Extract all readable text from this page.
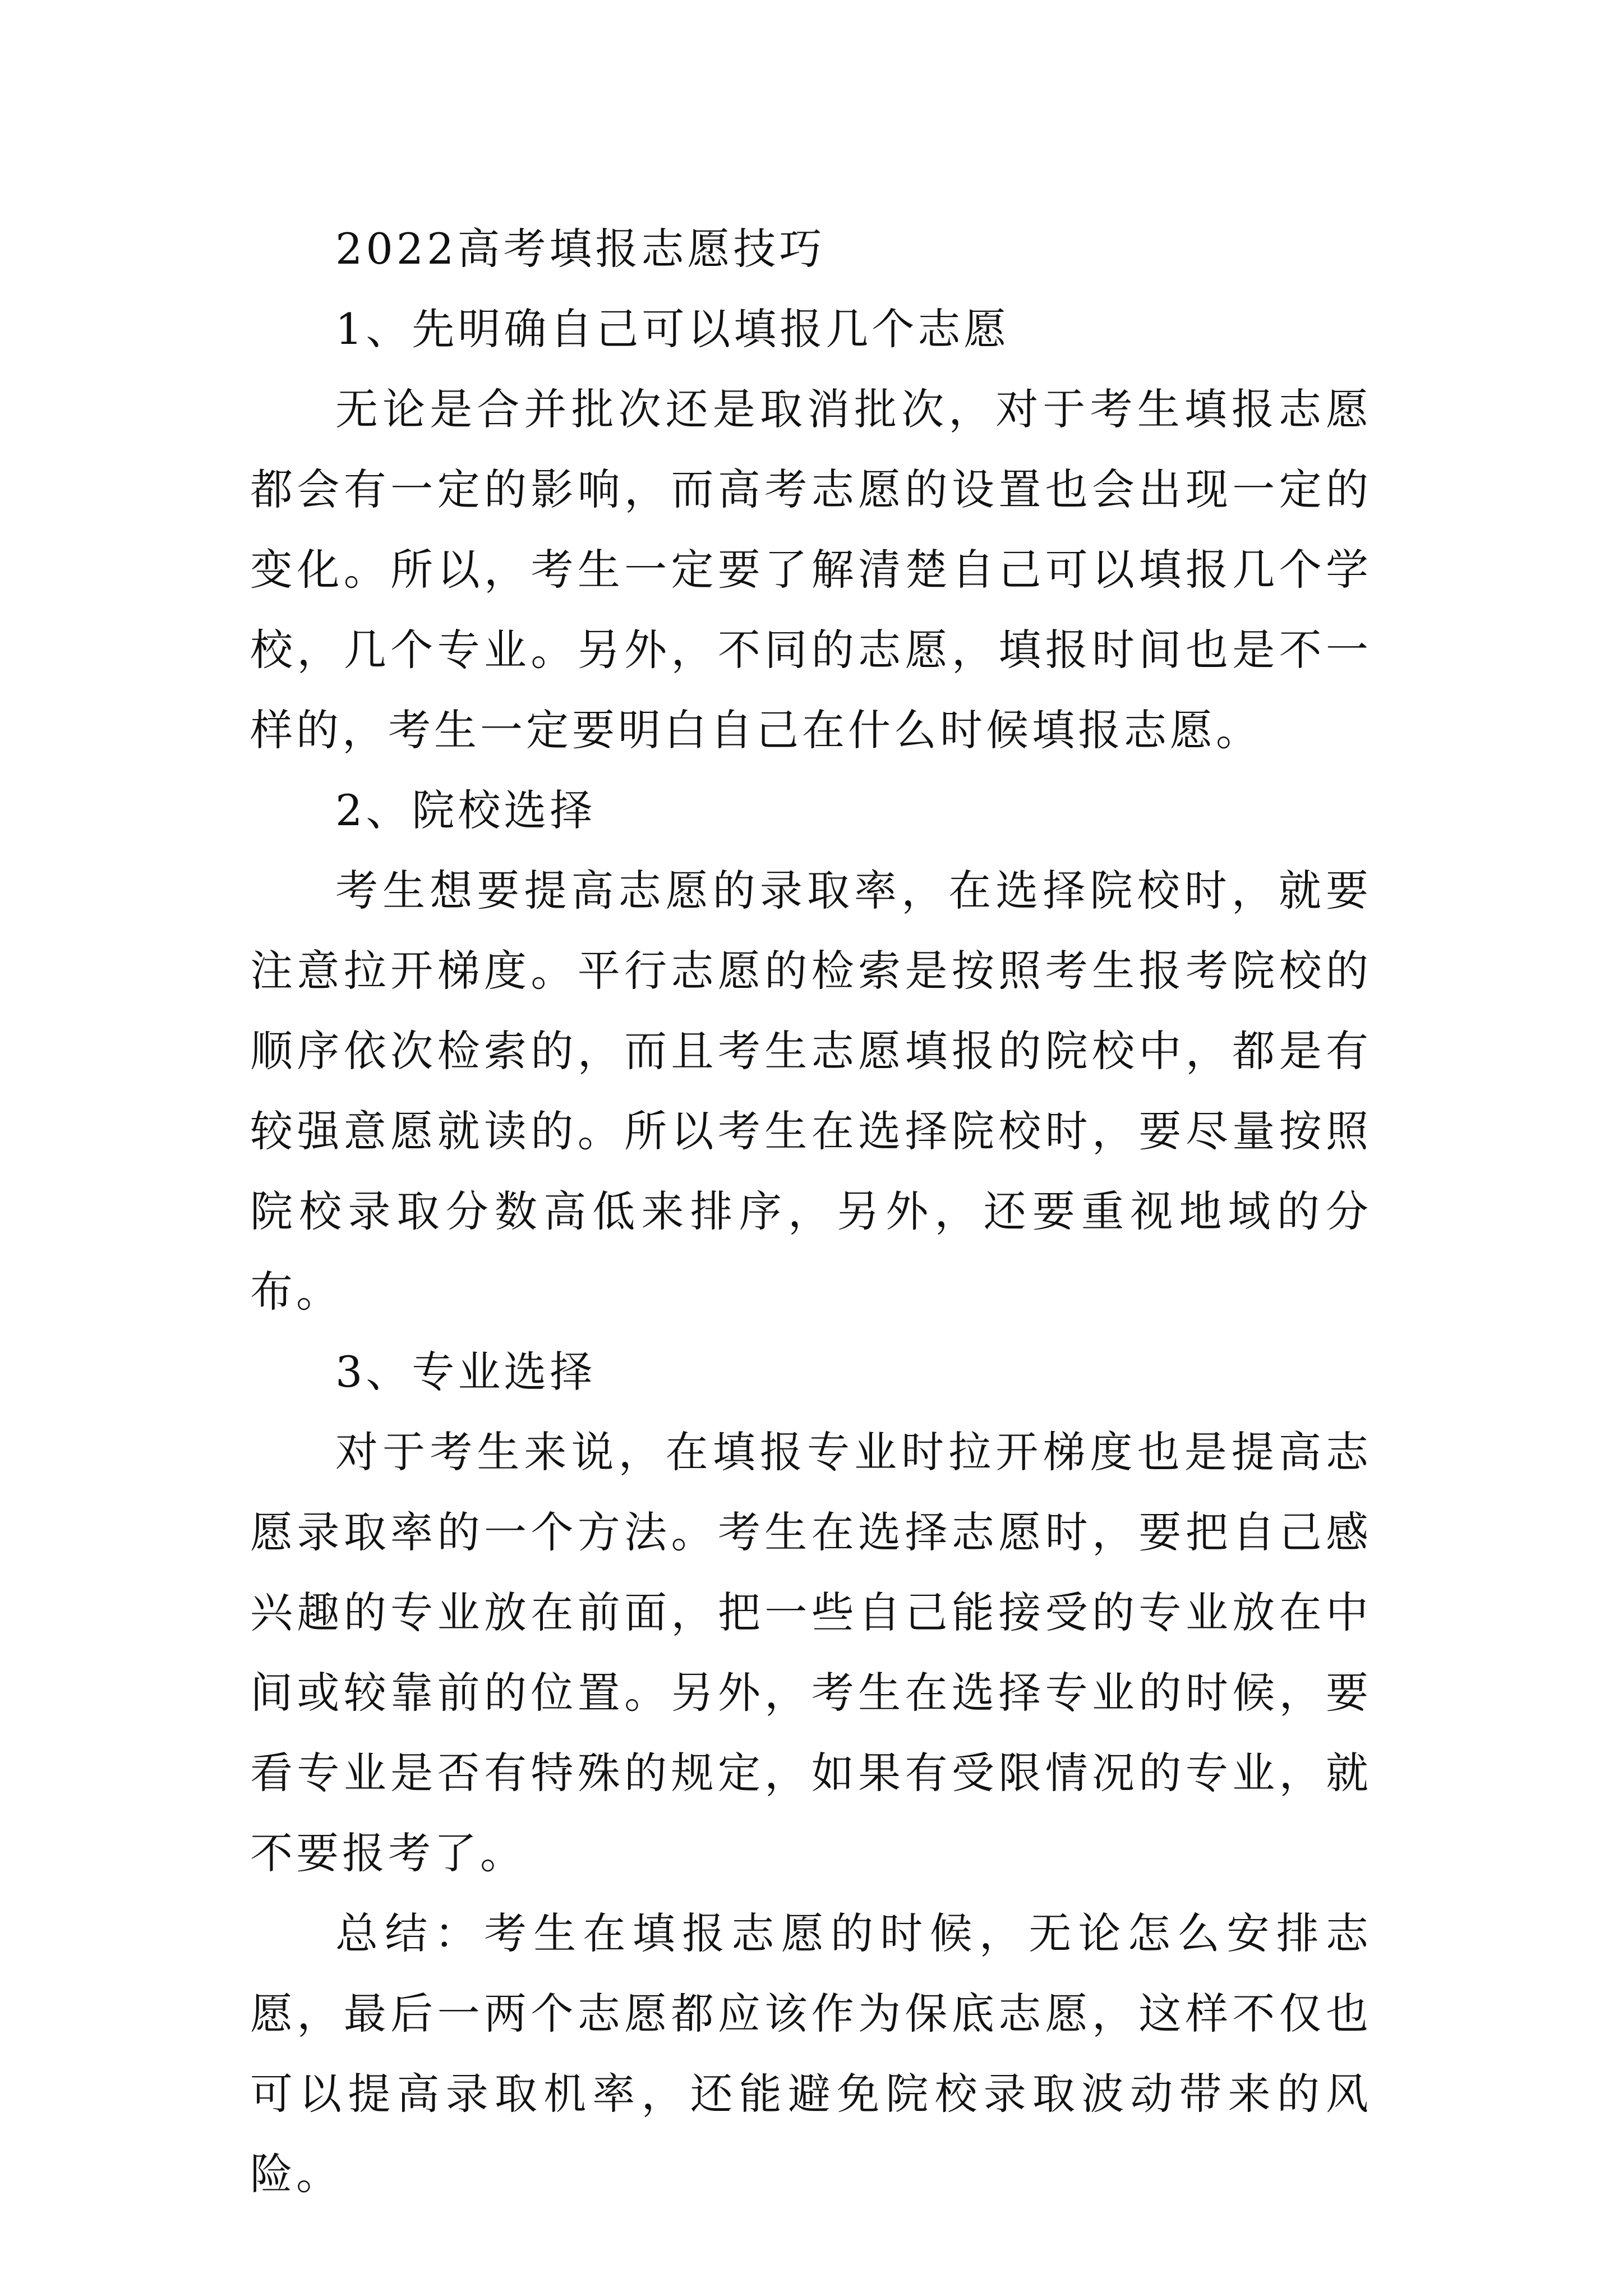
2022高考填报志愿技巧

1、先明确自己可以填报几个志愿

无论是合并批次还是取消批次，对于考生填报志愿都会有一定的影响，而高考志愿的设置也会出现一定的变化。所以，考生一定要了解清楚自己可以填报几个学校，几个专业。另外，不同的志愿，填报时间也是不一样的，考生一定要明白自己在什么时候填报志愿。

2、院校选择

考生想要提高志愿的录取率，在选择院校时，就要注意拉开梯度。平行志愿的检索是按照考生报考院校的顺序依次检索的，而且考生志愿填报的院校中，都是有较强意愿就读的。所以考生在选择院校时，要尽量按照院校录取分数高低来排序，另外，还要重视地域的分布。

3、专业选择

对于考生来说，在填报专业时拉开梯度也是提高志愿录取率的一个方法。考生在选择志愿时，要把自己感兴趣的专业放在前面，把一些自己能接受的专业放在中间或较靠前的位置。另外，考生在选择专业的时候，要看专业是否有特殊的规定，如果有受限情况的专业，就不要报考了。

总结：考生在填报志愿的时候，无论怎么安排志愿，最后一两个志愿都应该作为保底志愿，这样不仅也可以提高录取机率，还能避免院校录取波动带来的风险。
